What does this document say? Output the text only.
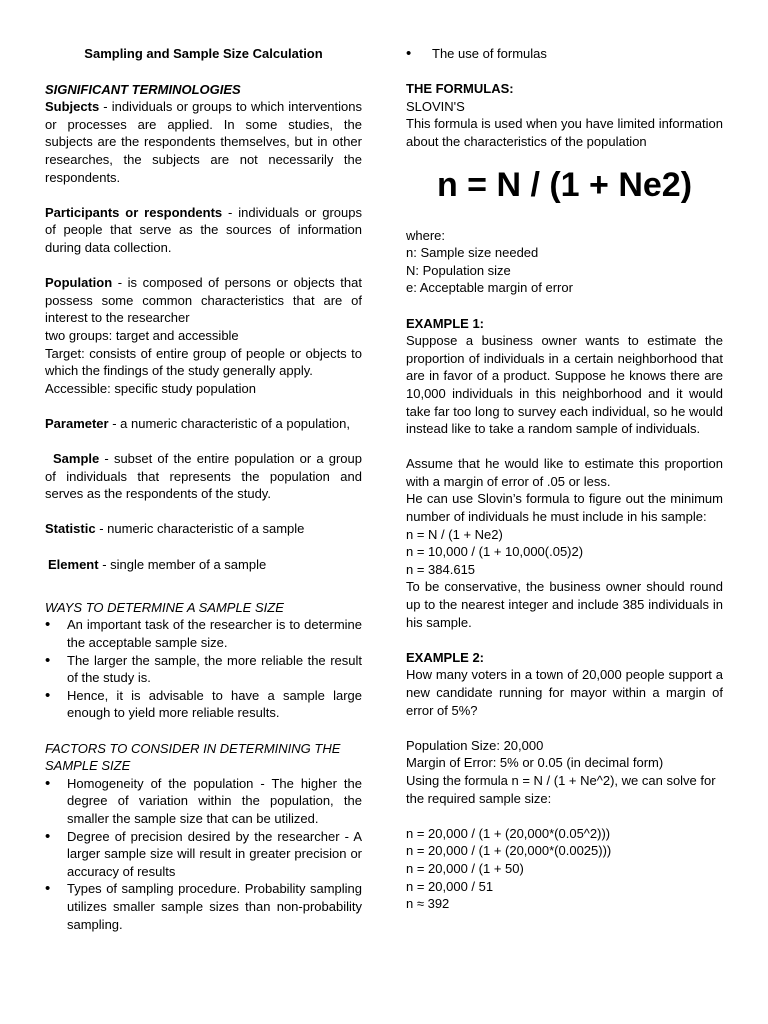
Sampling and Sample Size Calculation

SIGNIFICANT TERMINOLOGIES

Subjects - individuals or groups to which interventions or processes are applied. In some studies, the subjects are the respondents themselves, but in other researches, the subjects are not necessarily the respondents.

Participants or respondents - individuals or groups of people that serve as the sources of information during data collection.

Population - is composed of persons or objects that possess some common characteristics that are of interest to the researcher

two groups: target and accessible

Target: consists of entire group of people or objects to which the findings of the study generally apply.

Accessible: specific study population

Parameter - a numeric characteristic of a population,

Sample - subset of the entire population or a group of individuals that represents the population and serves as the respondents of the study.

Statistic - numeric characteristic of a sample

Element - single member of a sample

WAYS TO DETERMINE A SAMPLE SIZE

• An important task of the researcher is to determine the acceptable sample size.
• The larger the sample, the more reliable the result of the study is.
• Hence, it is advisable to have a sample large enough to yield more reliable results.

FACTORS TO CONSIDER IN DETERMINING THE SAMPLE SIZE

• Homogeneity of the population - The higher the degree of variation within the population, the smaller the sample size that can be utilized.
• Degree of precision desired by the researcher - A larger sample size will result in greater precision or accuracy of results
• Types of sampling procedure. Probability sampling utilizes smaller sample sizes than non-probability sampling.
• The use of formulas

THE FORMULAS:

SLOVIN'S

This formula is used when you have limited information about the characteristics of the population

n = N / (1 + Ne2)

where:

n: Sample size needed

N: Population size

e: Acceptable margin of error

EXAMPLE 1:

Suppose a business owner wants to estimate the proportion of individuals in a certain neighborhood that are in favor of a product. Suppose he knows there are 10,000 individuals in this neighborhood and it would take far too long to survey each individual, so he would instead like to take a random sample of individuals.

Assume that he would like to estimate this proportion with a margin of error of .05 or less.

He can use Slovin’s formula to figure out the minimum number of individuals he must include in his sample:

n = N / (1 + Ne2)

n = 10,000 / (1 + 10,000(.05)2)

n = 384.615

To be conservative, the business owner should round up to the nearest integer and include 385 individuals in his sample.

EXAMPLE 2:

How many voters in a town of 20,000 people support a new candidate running for mayor within a margin of error of 5%?

Population Size: 20,000

Margin of Error: 5% or 0.05 (in decimal form)

Using the formula n = N / (1 + Ne^2), we can solve for the required sample size:

n = 20,000 / (1 + (20,000*(0.05^2)))

n = 20,000 / (1 + (20,000*(0.0025)))

n = 20,000 / (1 + 50)

n = 20,000 / 51

n ≈ 392
